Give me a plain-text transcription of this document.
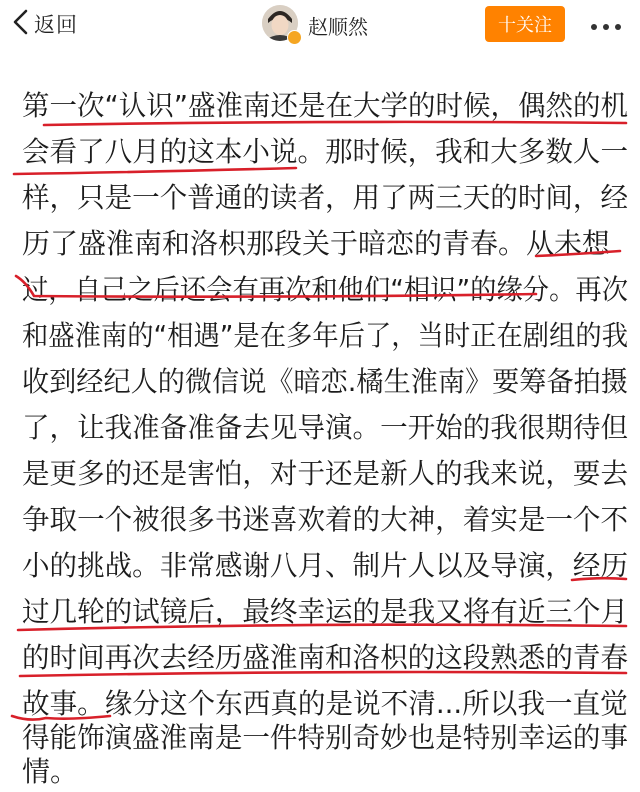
返回	赵顺然	十关注
第一次“认识”盛淮南还是在大学的时候，偶然的机
会看了八月的这本小说。那时候，我和大多数人一
样，只是一个普通的读者，用了两三天的时间，经
历了盛淮南和洛枳那段关于暗恋的青春。从未想
过，自己之后还会有再次和他们“相识”的缘分。再次
和盛淮南的“相遇”是在多年后了，当时正在剧组的我
收到经纪人的微信说《暗恋.橘生淮南》要筹备拍摄
了，让我准备准备去见导演。一开始的我很期待但
是更多的还是害怕，对于还是新人的我来说，要去
争取一个被很多书迷喜欢着的大神，着实是一个不
小的挑战。非常感谢八月、制片人以及导演，经历
过几轮的试镜后，最终幸运的是我又将有近三个月
的时间再次去经历盛淮南和洛枳的这段熟悉的青春
故事。缘分这个东西真的是说不清...所以我一直觉
得能饰演盛淮南是一件特别奇妙也是特别幸运的事
情。
